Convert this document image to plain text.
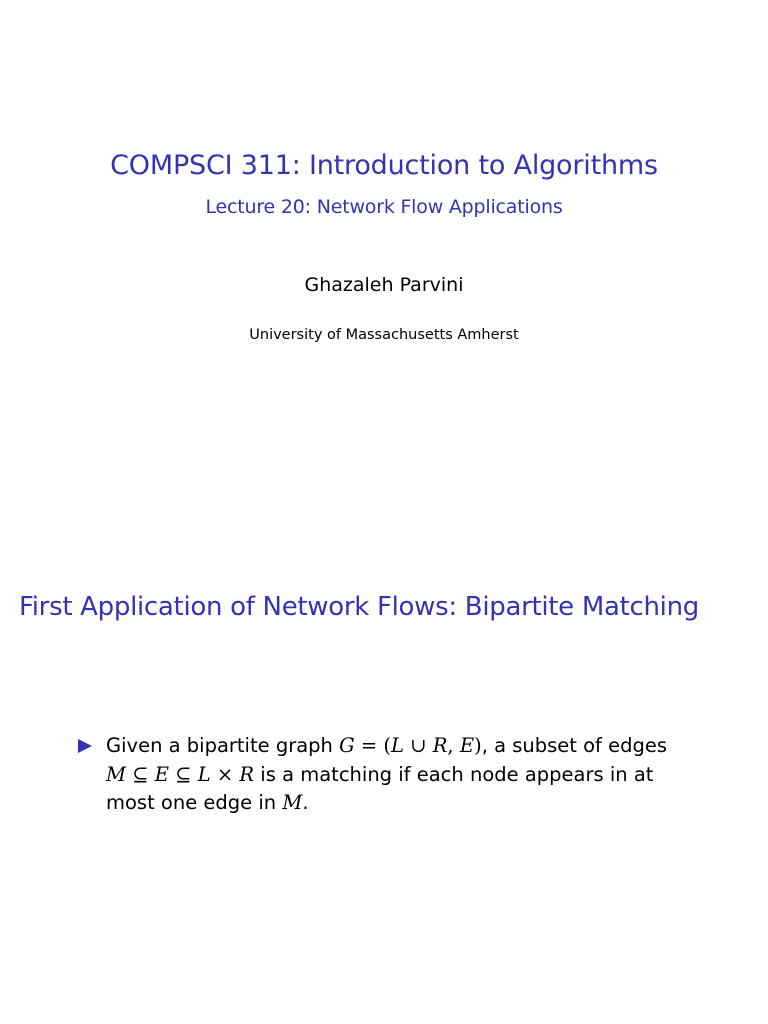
COMPSCI 311: Introduction to Algorithms
Lecture 20: Network Flow Applications
Ghazaleh Parvini
University of Massachusetts Amherst
First Application of Network Flows: Bipartite Matching
Given a bipartite graph G = (L ∪ R, E), a subset of edges
M ⊆ E ⊆ L × R is a matching if each node appears in at
most one edge in M.
